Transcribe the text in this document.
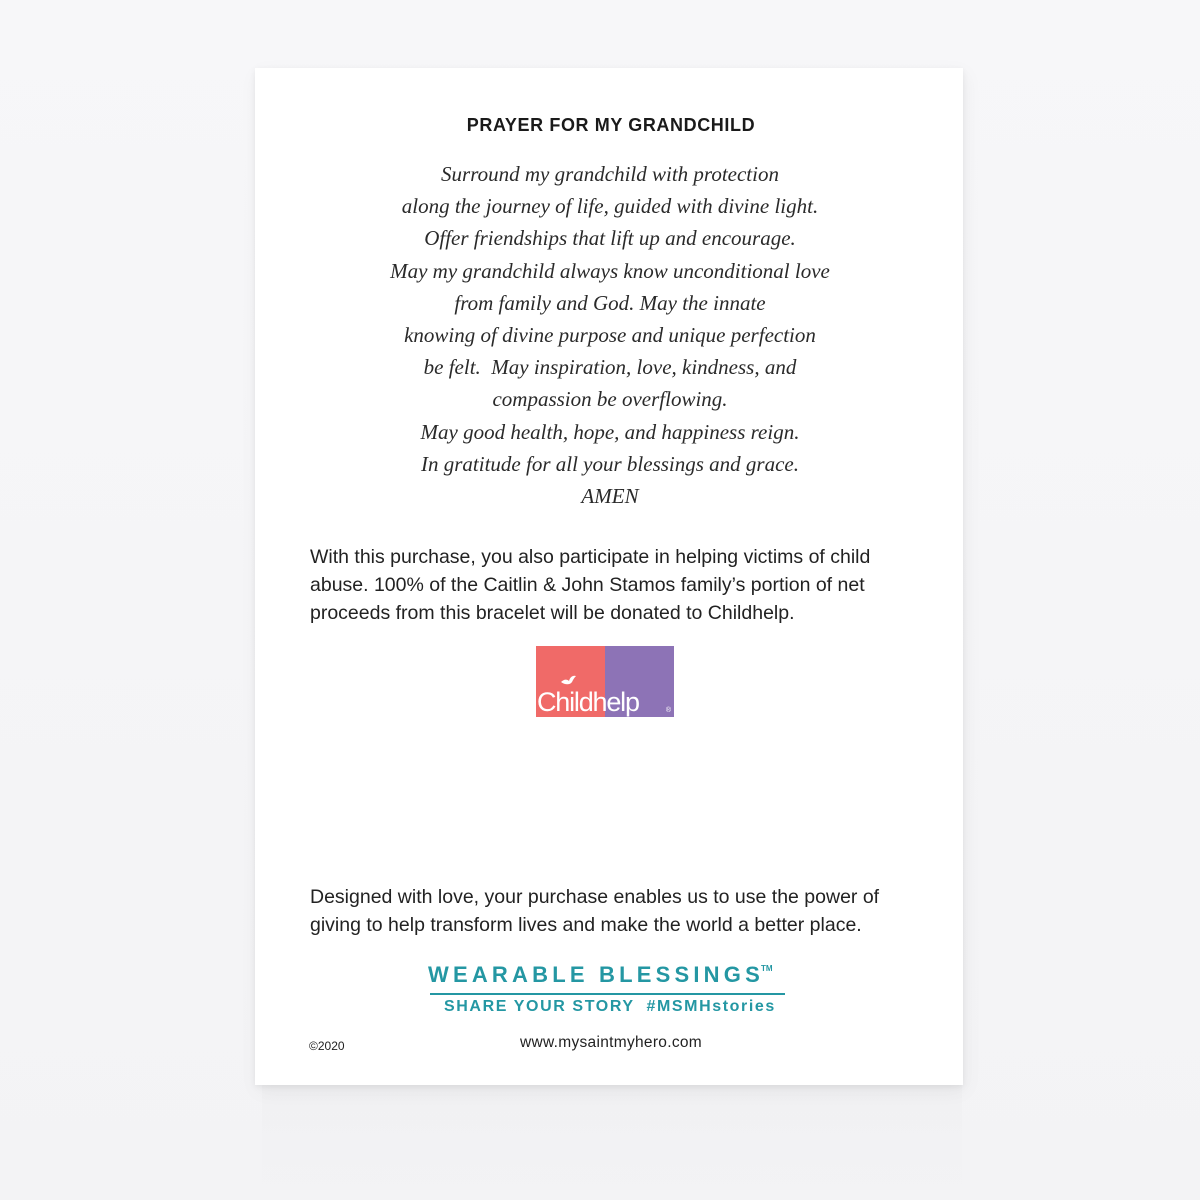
PRAYER FOR MY GRANDCHILD
Surround my grandchild with protection
along the journey of life, guided with divine light.
Offer friendships that lift up and encourage.
May my grandchild always know unconditional love
from family and God. May the innate
knowing of divine purpose and unique perfection
be felt.  May inspiration, love, kindness, and
compassion be overflowing.
May good health, hope, and happiness reign.
In gratitude for all your blessings and grace.
AMEN

With this purchase, you also participate in helping victims of child abuse. 100% of the Caitlin & John Stamos family’s portion of net proceeds from this bracelet will be donated to Childhelp.

Childhelp	®

Designed with love, your purchase enables us to use the power of giving to help transform lives and make the world a better place.

WEARABLE BLESSINGS™
SHARE YOUR STORY  #MSMHstories
©2020	www.mysaintmyhero.com
